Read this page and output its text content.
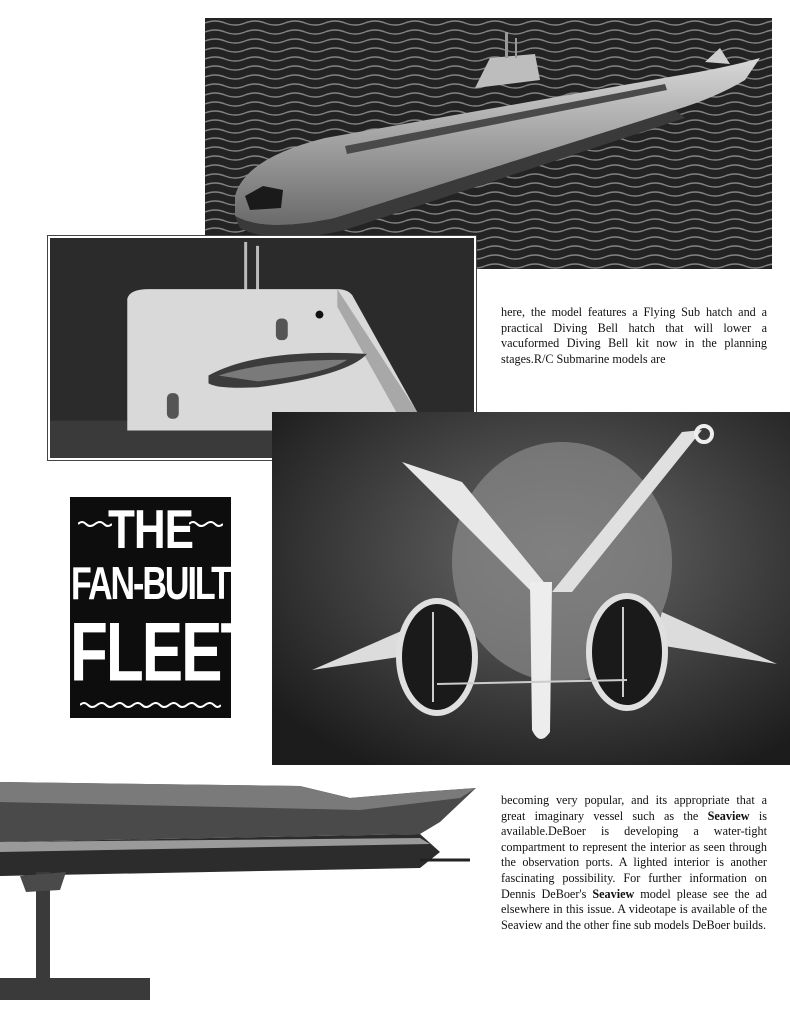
here, the model features a Flying Sub hatch and a practical Diving Bell hatch that will lower a vacuformed Diving Bell kit now in the planning stages.R/C Submarine models are
THE
FAN-BUILT
FLEET
becoming very popular, and its appropriate that a great imaginary vessel such as the Seaview is available.DeBoer is developing a water-tight compartment to represent the interior as seen through the observation ports. A lighted interior is another fascinating possibility. For further information on Dennis DeBoer's Seaview model please see the ad elsewhere in this issue. A videotape is available of the Seaview and the other fine sub models DeBoer builds.
